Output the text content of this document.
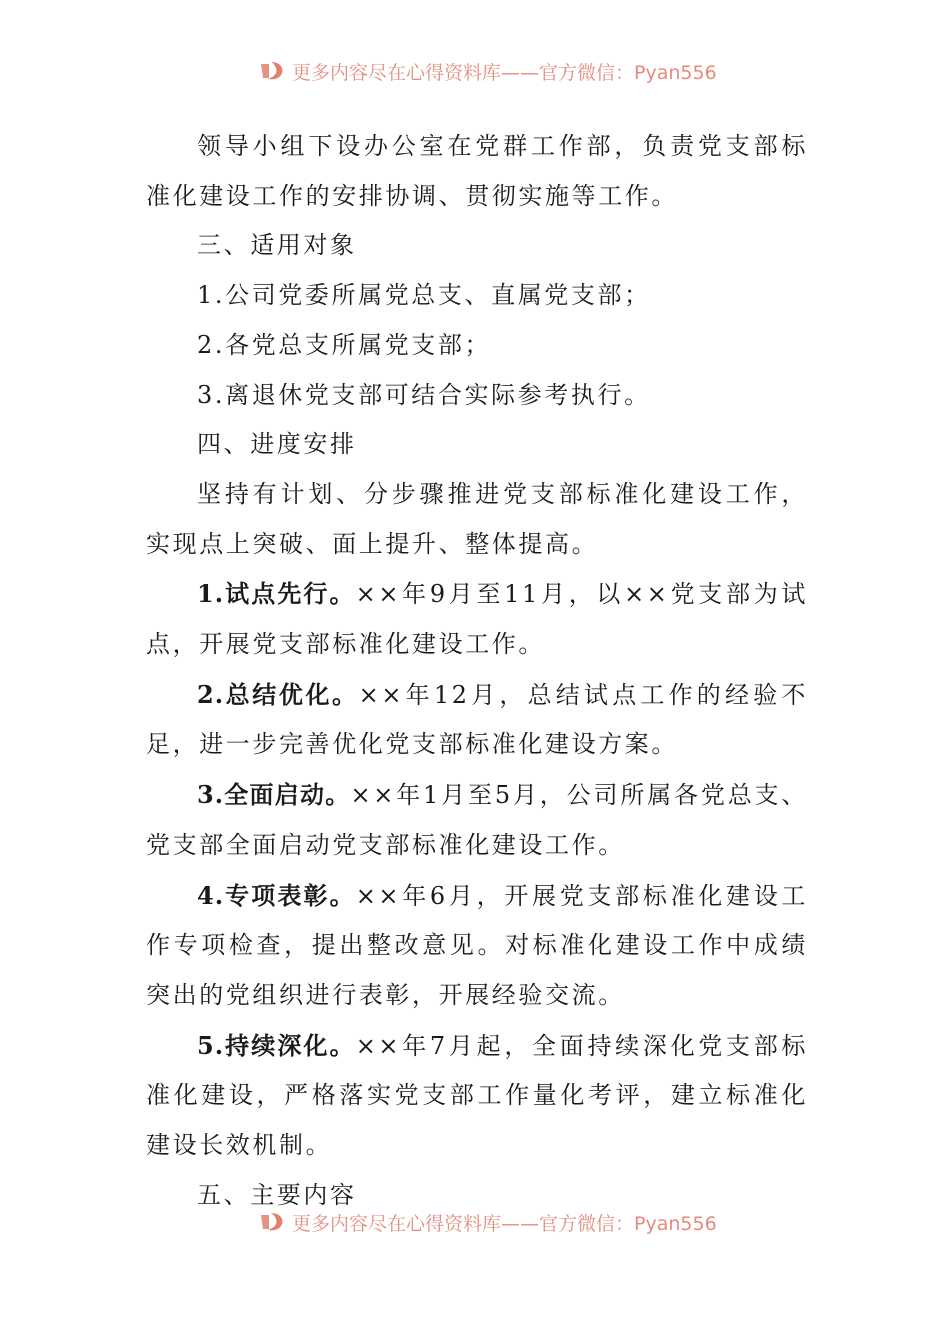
更多内容尽在心得资料库——官方微信：Pyan556

领导小组下设办公室在党群工作部，负责党支部标准化建设工作的安排协调、贯彻实施等工作。

三、适用对象

1.公司党委所属党总支、直属党支部；

2.各党总支所属党支部；

3.离退休党支部可结合实际参考执行。

四、进度安排

坚持有计划、分步骤推进党支部标准化建设工作，实现点上突破、面上提升、整体提高。

1.试点先行。××年9月至11月，以××党支部为试点，开展党支部标准化建设工作。

2.总结优化。××年12月，总结试点工作的经验不足，进一步完善优化党支部标准化建设方案。

3.全面启动。××年1月至5月，公司所属各党总支、党支部全面启动党支部标准化建设工作。

4.专项表彰。××年6月，开展党支部标准化建设工作专项检查，提出整改意见。对标准化建设工作中成绩突出的党组织进行表彰，开展经验交流。

5.持续深化。××年7月起，全面持续深化党支部标准化建设，严格落实党支部工作量化考评，建立标准化建设长效机制。

五、主要内容

更多内容尽在心得资料库——官方微信：Pyan556
